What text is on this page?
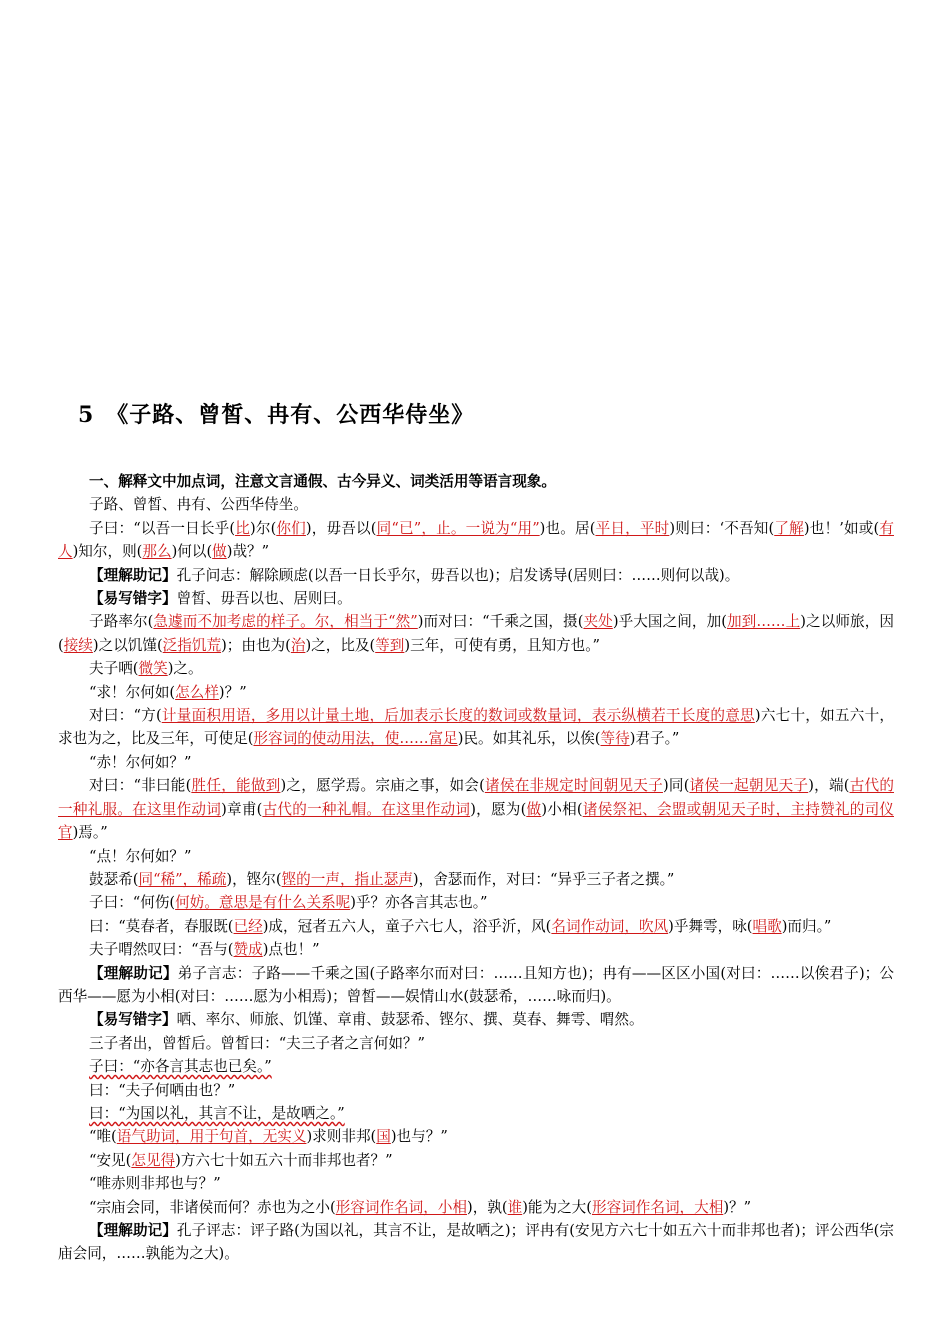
5　《子路、曾皙、冉有、公西华侍坐》

一、解释文中加点词，注意文言通假、古今异义、词类活用等语言现象。

子路、曾皙、冉有、公西华侍坐。

子曰：“以吾一日长乎(比)尔(你们)，毋吾以(同“已”，止。一说为“用”)也。居(平日，平时)则曰：‘不吾知(了解)也！’如或(有人)知尔，则(那么)何以(做)哉？”

【理解助记】孔子问志：解除顾虑(以吾一日长乎尔，毋吾以也)；启发诱导(居则曰：……则何以哉)。

【易写错字】曾皙、毋吾以也、居则曰。

子路率尔(急遽而不加考虑的样子。尔，相当于“然”)而对曰：“千乘之国，摄(夹处)乎大国之间，加(加到……上)之以师旅，因(接续)之以饥馑(泛指饥荒)；由也为(治)之，比及(等到)三年，可使有勇，且知方也。”

夫子哂(微笑)之。

“求！尔何如(怎么样)？”

对曰：“方(计量面积用语，多用以计量土地，后加表示长度的数词或数量词，表示纵横若干长度的意思)六七十，如五六十，求也为之，比及三年，可使足(形容词的使动用法，使……富足)民。如其礼乐，以俟(等待)君子。”

“赤！尔何如？”

对曰：“非曰能(胜任，能做到)之，愿学焉。宗庙之事，如会(诸侯在非规定时间朝见天子)同(诸侯一起朝见天子)，端(古代的一种礼服。在这里作动词)章甫(古代的一种礼帽。在这里作动词)，愿为(做)小相(诸侯祭祀、会盟或朝见天子时，主持赞礼的司仪官)焉。”

“点！尔何如？”

鼓瑟希(同“稀”，稀疏)，铿尔(铿的一声，指止瑟声)，舍瑟而作，对曰：“异乎三子者之撰。”

子曰：“何伤(何妨。意思是有什么关系呢)乎？亦各言其志也。”

曰：“莫春者，春服既(已经)成，冠者五六人，童子六七人，浴乎沂，风(名词作动词，吹风)乎舞雩，咏(唱歌)而归。”

夫子喟然叹曰：“吾与(赞成)点也！”

【理解助记】弟子言志：子路——千乘之国(子路率尔而对曰：……且知方也)；冉有——区区小国(对曰：……以俟君子)；公西华——愿为小相(对曰：……愿为小相焉)；曾皙——娱情山水(鼓瑟希，……咏而归)。

【易写错字】哂、率尔、师旅、饥馑、章甫、鼓瑟希、铿尔、撰、莫春、舞雩、喟然。

三子者出，曾皙后。曾皙曰：“夫三子者之言何如？”

子曰：“亦各言其志也已矣。”

曰：“夫子何哂由也？”

曰：“为国以礼，其言不让，是故哂之。”

“唯(语气助词，用于句首，无实义)求则非邦(国)也与？”

“安见(怎见得)方六七十如五六十而非邦也者？”

“唯赤则非邦也与？”

“宗庙会同，非诸侯而何？赤也为之小(形容词作名词，小相)，孰(谁)能为之大(形容词作名词，大相)？”

【理解助记】孔子评志：评子路(为国以礼，其言不让，是故哂之)；评冉有(安见方六七十如五六十而非邦也者)；评公西华(宗庙会同，……孰能为之大)。
